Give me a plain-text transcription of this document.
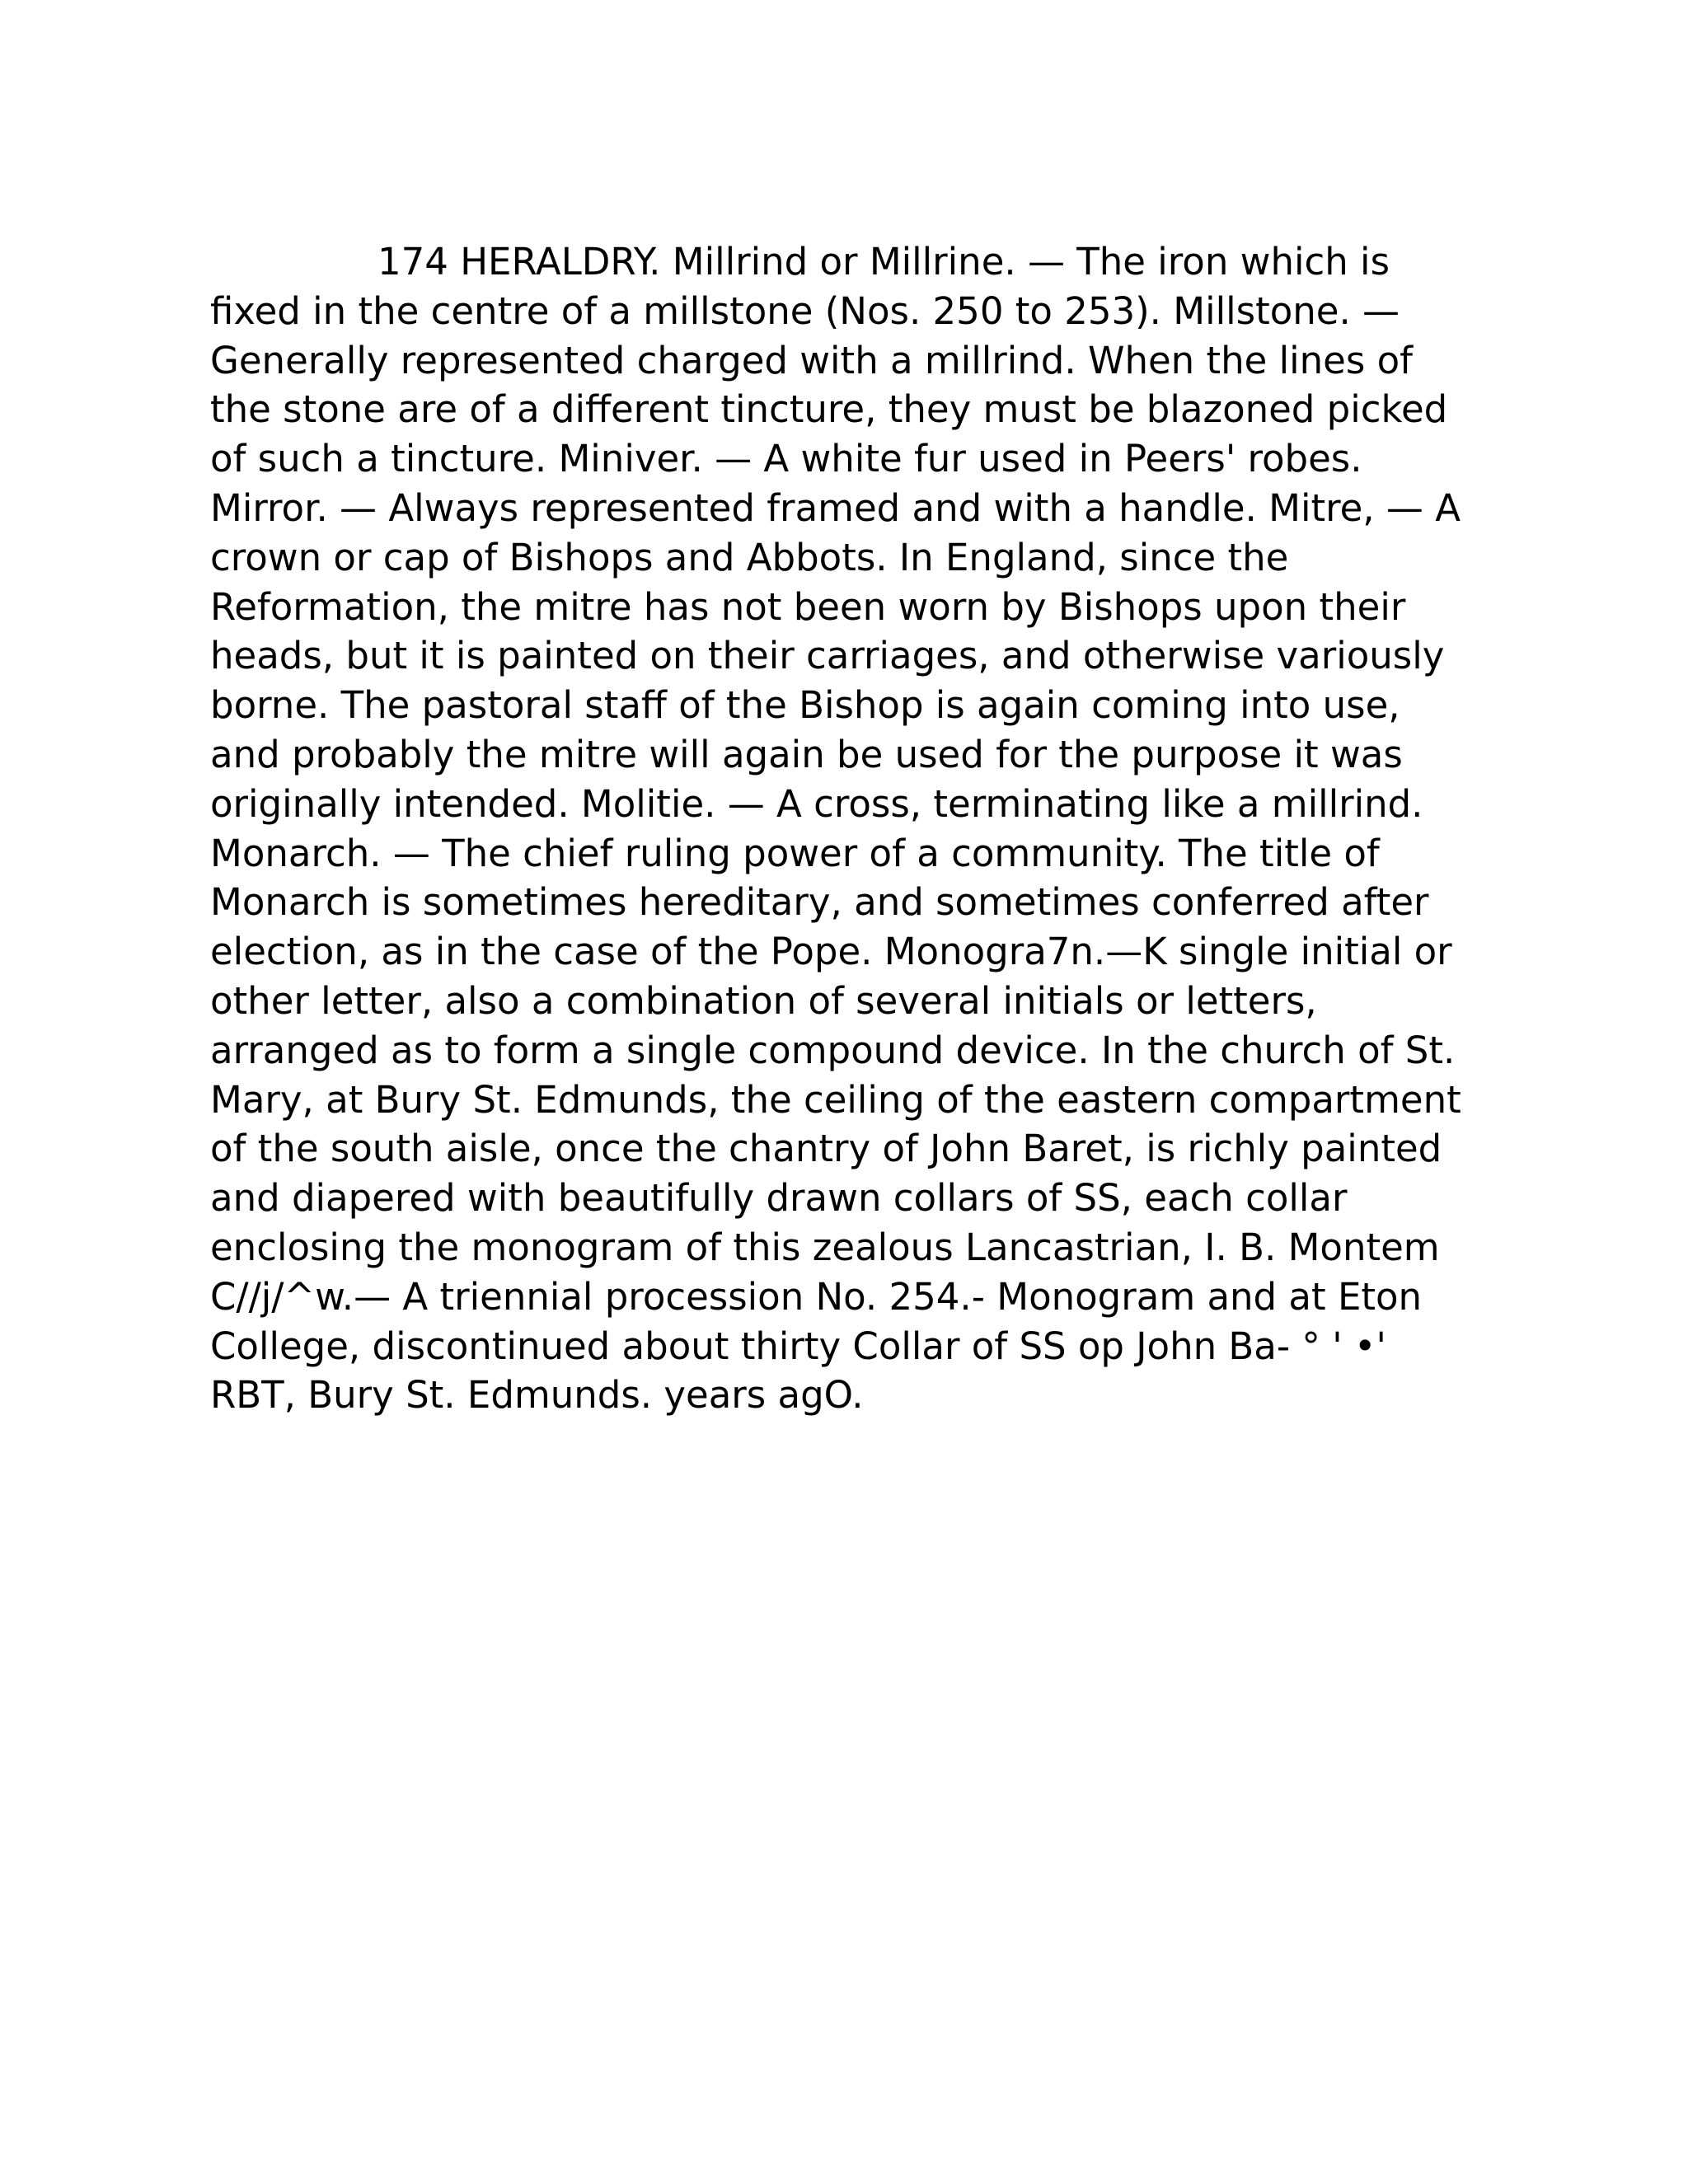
174 HERALDRY. Millrind or Millrine. — The iron which is fixed in the centre of a millstone (Nos. 250 to 253). Millstone. — Generally represented charged with a millrind. When the lines of the stone are of a different tincture, they must be blazoned picked of such a tincture. Miniver. — A white fur used in Peers' robes. Mirror. — Always represented framed and with a handle. Mitre, — A crown or cap of Bishops and Abbots. In England, since the Reformation, the mitre has not been worn by Bishops upon their heads, but it is painted on their carriages, and otherwise variously borne. The pastoral staff of the Bishop is again coming into use, and probably the mitre will again be used for the purpose it was originally intended. Molitie. — A cross, terminating like a millrind. Monarch. — The chief ruling power of a community. The title of Monarch is sometimes hereditary, and sometimes conferred after election, as in the case of the Pope. Monogra7n.—K single initial or other letter, also a combination of several initials or letters, arranged as to form a single compound device. In the church of St. Mary, at Bury St. Edmunds, the ceiling of the eastern compartment of the south aisle, once the chantry of John Baret, is richly painted and diapered with beautifully drawn collars of SS, each collar enclosing the monogram of this zealous Lancastrian, I. B. Montem C//j/^w.— A triennial procession No. 254.- Monogram and at Eton College, discontinued about thirty Collar of SS op John Ba- ° ' •' RBT, Bury St. Edmunds. years agO.
